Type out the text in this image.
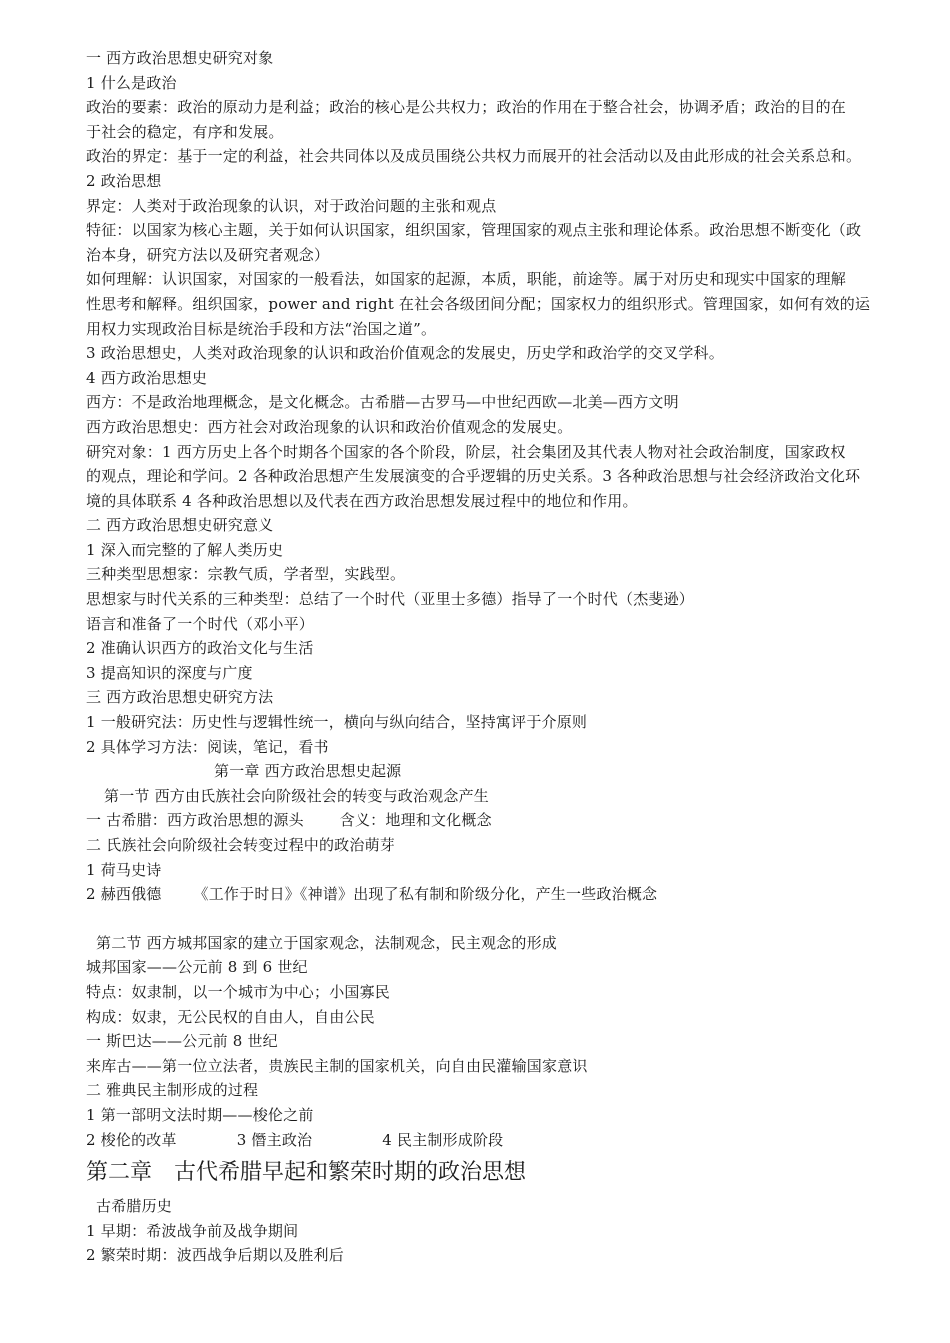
一 西方政治思想史研究对象
1 什么是政治
政治的要素：政治的原动力是利益；政治的核心是公共权力；政治的作用在于整合社会，协调矛盾；政治的目的在
于社会的稳定，有序和发展。
政治的界定：基于一定的利益，社会共同体以及成员围绕公共权力而展开的社会活动以及由此形成的社会关系总和。
2 政治思想
界定：人类对于政治现象的认识，对于政治问题的主张和观点
特征：以国家为核心主题，关于如何认识国家，组织国家，管理国家的观点主张和理论体系。政治思想不断变化（政
治本身，研究方法以及研究者观念）
如何理解：认识国家，对国家的一般看法，如国家的起源，本质，职能，前途等。属于对历史和现实中国家的理解
性思考和解释。组织国家，power and right 在社会各级团间分配；国家权力的组织形式。管理国家，如何有效的运
用权力实现政治目标是统治手段和方法“治国之道”。
3 政治思想史，人类对政治现象的认识和政治价值观念的发展史，历史学和政治学的交叉学科。
4 西方政治思想史
西方：不是政治地理概念，是文化概念。古希腊—古罗马—中世纪西欧—北美—西方文明
西方政治思想史：西方社会对政治现象的认识和政治价值观念的发展史。
研究对象：1 西方历史上各个时期各个国家的各个阶段，阶层，社会集团及其代表人物对社会政治制度，国家政权
的观点，理论和学问。2 各种政治思想产生发展演变的合乎逻辑的历史关系。3 各种政治思想与社会经济政治文化环
境的具体联系 4 各种政治思想以及代表在西方政治思想发展过程中的地位和作用。
二 西方政治思想史研究意义
1 深入而完整的了解人类历史
三种类型思想家：宗教气质，学者型，实践型。
思想家与时代关系的三种类型：总结了一个时代（亚里士多德）指导了一个时代（杰斐逊）
语言和准备了一个时代（邓小平）
2 准确认识西方的政治文化与生活
3 提高知识的深度与广度
三 西方政治思想史研究方法
1 一般研究法：历史性与逻辑性统一，横向与纵向结合，坚持寓评于介原则
2 具体学习方法：阅读，笔记，看书
第一章 西方政治思想史起源
第一节 西方由氏族社会向阶级社会的转变与政治观念产生
一 古希腊：西方政治思想的源头 含义：地理和文化概念
二 氏族社会向阶级社会转变过程中的政治萌芽
1 荷马史诗
2 赫西俄德 《工作于时日》《神谱》出现了私有制和阶级分化，产生一些政治概念
第二节 西方城邦国家的建立于国家观念，法制观念，民主观念的形成
城邦国家——公元前 8 到 6 世纪
特点：奴隶制，以一个城市为中心；小国寡民
构成：奴隶，无公民权的自由人，自由公民
一 斯巴达——公元前 8 世纪
来库古——第一位立法者，贵族民主制的国家机关，向自由民灌输国家意识
二 雅典民主制形成的过程
1 第一部明文法时期——梭伦之前
2 梭伦的改革	3 僭主政治	4 民主制形成阶段
第二章 古代希腊早起和繁荣时期的政治思想
古希腊历史
1 早期：希波战争前及战争期间
2 繁荣时期：波西战争后期以及胜利后
